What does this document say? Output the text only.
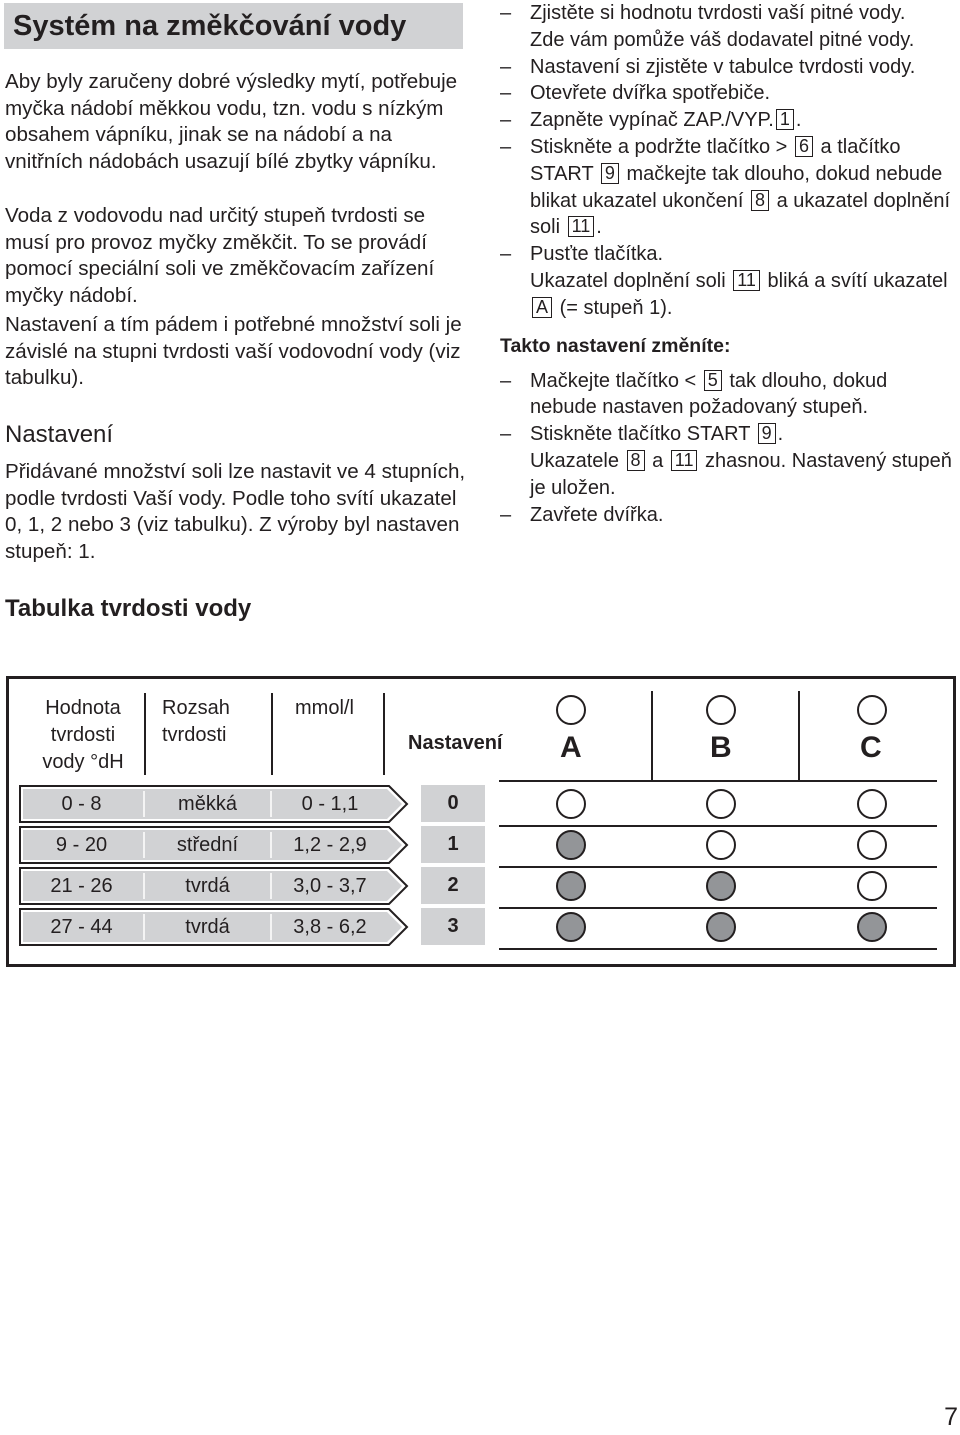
Systém na změkčování vody

Aby byly zaručeny dobré výsledky mytí, potřebuje myčka nádobí měkkou vodu, tzn. vodu s nízkým obsahem vápníku, jinak se na nádobí a na vnitřních nádobách usazují bílé zbytky vápníku.

Voda z vodovodu nad určitý stupeň tvrdosti se musí pro provoz myčky změkčit. To se provádí pomocí speciální soli ve změkčovacím zařízení myčky nádobí.

Nastavení a tím pádem i potřebné množství soli je závislé na stupni tvrdosti vaší vodovodní vody (viz tabulku).

Nastavení

Přidávané množství soli lze nastavit ve 4 stupních, podle tvrdosti Vaší vody. Podle toho svítí ukazatel 0, 1, 2 nebo 3 (viz tabulku). Z výroby byl nastaven stupeň: 1.

Tabulka tvrdosti vody

– Zjistěte si hodnotu tvrdosti vaší pitné vody.
Zde vám pomůže váš dodavatel pitné vody.

– Nastavení si zjistěte v tabulce tvrdosti vody.

– Otevřete dvířka spotřebiče.

– Zapněte vypínač ZAP./VYP. 1 .

– Stiskněte a podržte tlačítko > 6 a tlačítko START 9 mačkejte tak dlouho, dokud nebude blikat ukazatel ukončení 8 a ukazatel doplnění soli 11 .

– Pusťte tlačítka.
Ukazatel doplnění soli 11 bliká a svítí ukazatel A (= stupeň 1).

Takto nastavení změníte:

– Mačkejte tlačítko < 5 tak dlouho, dokud nebude nastaven požadovaný stupeň.

– Stiskněte tlačítko START 9 .
Ukazatele 8 a 11 zhasnou. Nastavený stupeň je uložen.

– Zavřete dvířka.

Hodnota
tvrdosti
vody °dH
Rozsah
tvrdosti
mmol/l
Nastavení A	B	C
0 - 8	měkká	0 - 1,1	0
9 - 20	střední	1,2 - 2,9	1
21 - 26	tvrdá	3,0 - 3,7	2
27 - 44	tvrdá	3,8 - 6,2	3
7
